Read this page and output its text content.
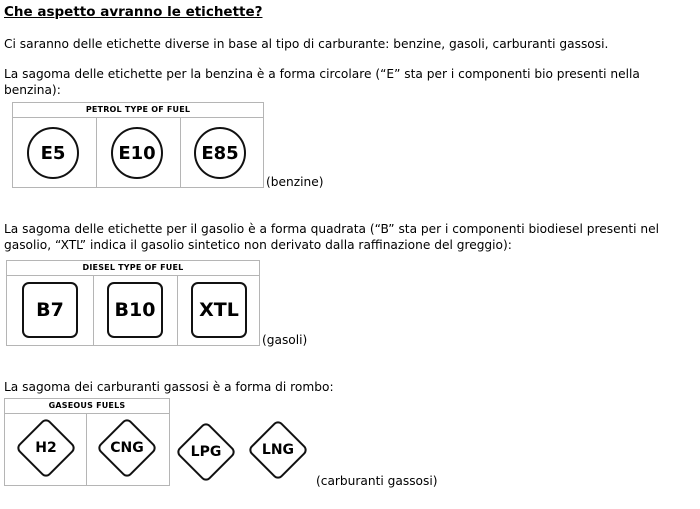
Che aspetto avranno le etichette?
Ci saranno delle etichette diverse in base al tipo di carburante: benzine, gasoli, carburanti gassosi.
La sagoma delle etichette per la benzina è a forma circolare (“E” sta per i componenti bio presenti nella benzina):
PETROL TYPE OF FUEL
E5	E10	E85
(benzine)
La sagoma delle etichette per il gasolio è a forma quadrata (“B” sta per i componenti biodiesel presenti nel gasolio, “XTL” indica il gasolio sintetico non derivato dalla raffinazione del greggio):
DIESEL TYPE OF FUEL
B7	B10	XTL
(gasoli)
La sagoma dei carburanti gassosi è a forma di rombo:
GASEOUS FUELS
H2	CNG	LPG	LNG
(carburanti gassosi)
